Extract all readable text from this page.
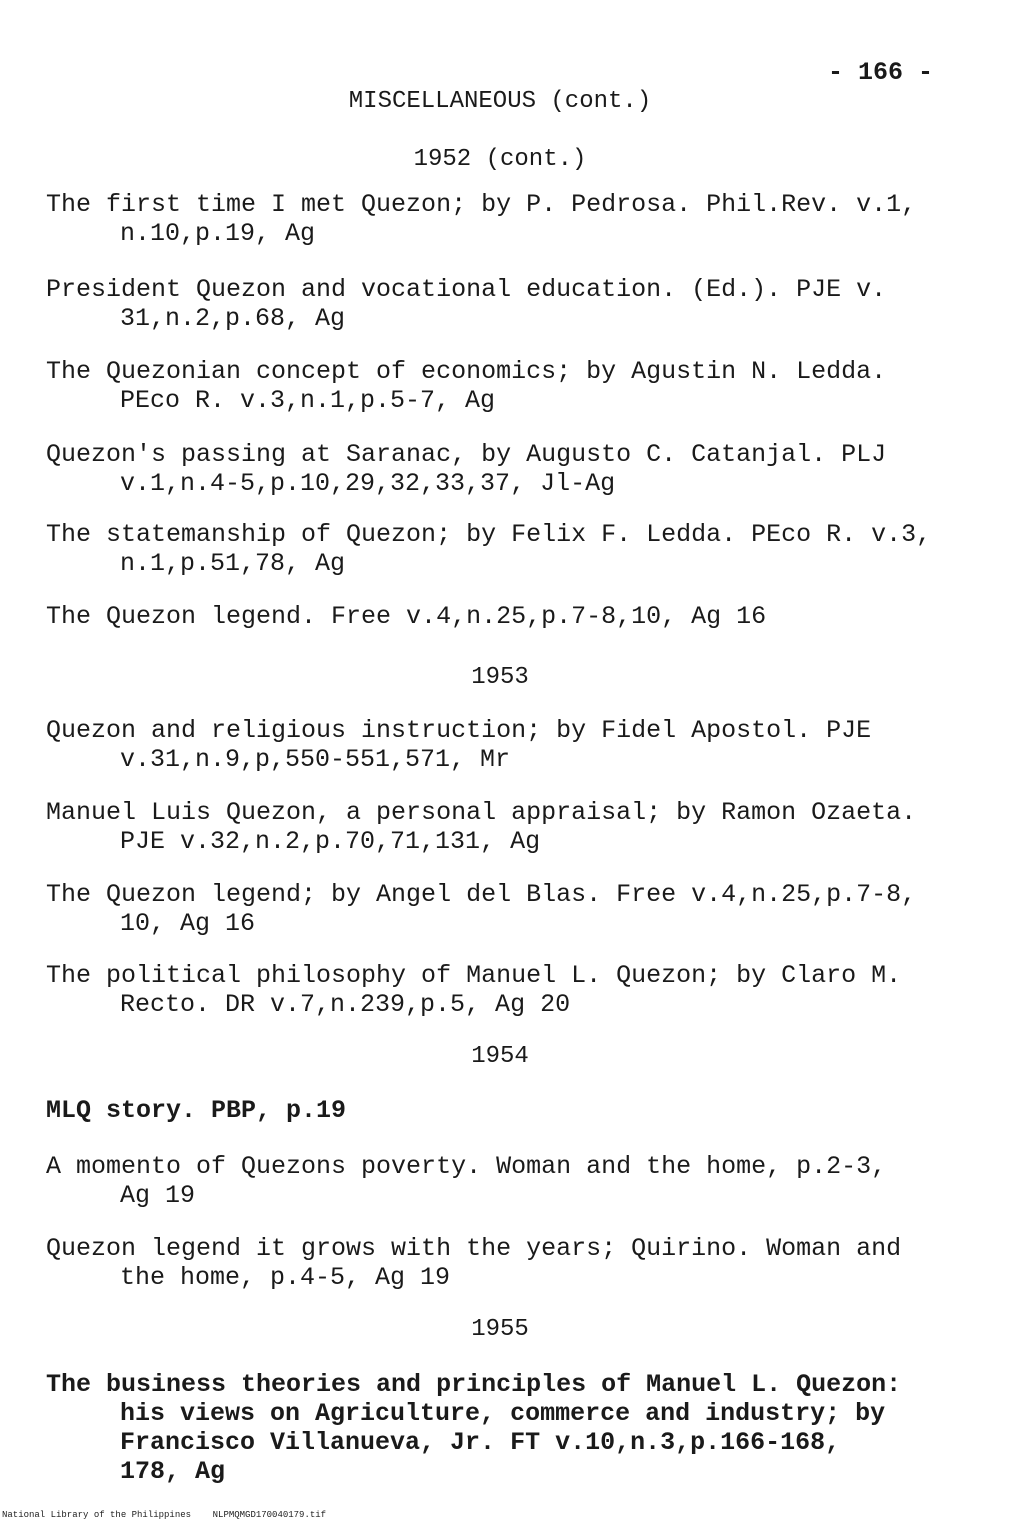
- 166 -
MISCELLANEOUS (cont.)
1952 (cont.)
The first time I met Quezon; by P. Pedrosa. Phil.Rev. v.1,
n.10,p.19, Ag
President Quezon and vocational education. (Ed.). PJE v.
31,n.2,p.68, Ag
The Quezonian concept of economics; by Agustin N. Ledda.
PEco R. v.3,n.1,p.5-7, Ag
Quezon's passing at Saranac, by Augusto C. Catanjal. PLJ
v.1,n.4-5,p.10,29,32,33,37, Jl-Ag
The statemanship of Quezon; by Felix F. Ledda. PEco R. v.3,
n.1,p.51,78, Ag
The Quezon legend. Free v.4,n.25,p.7-8,10, Ag 16
1953
Quezon and religious instruction; by Fidel Apostol. PJE
v.31,n.9,p,550-551,571, Mr
Manuel Luis Quezon, a personal appraisal; by Ramon Ozaeta.
PJE v.32,n.2,p.70,71,131, Ag
The Quezon legend; by Angel del Blas. Free v.4,n.25,p.7-8,
10, Ag 16
The political philosophy of Manuel L. Quezon; by Claro M.
Recto. DR v.7,n.239,p.5, Ag 20
1954
MLQ story. PBP, p.19
A momento of Quezons poverty. Woman and the home, p.2-3,
Ag 19
Quezon legend it grows with the years; Quirino. Woman and
the home, p.4-5, Ag 19
1955
The business theories and principles of Manuel L. Quezon:
his views on Agriculture, commerce and industry; by
Francisco Villanueva, Jr. FT v.10,n.3,p.166-168,
178, Ag
National Library of the Philippines NLPMQMGD170040179.tif
